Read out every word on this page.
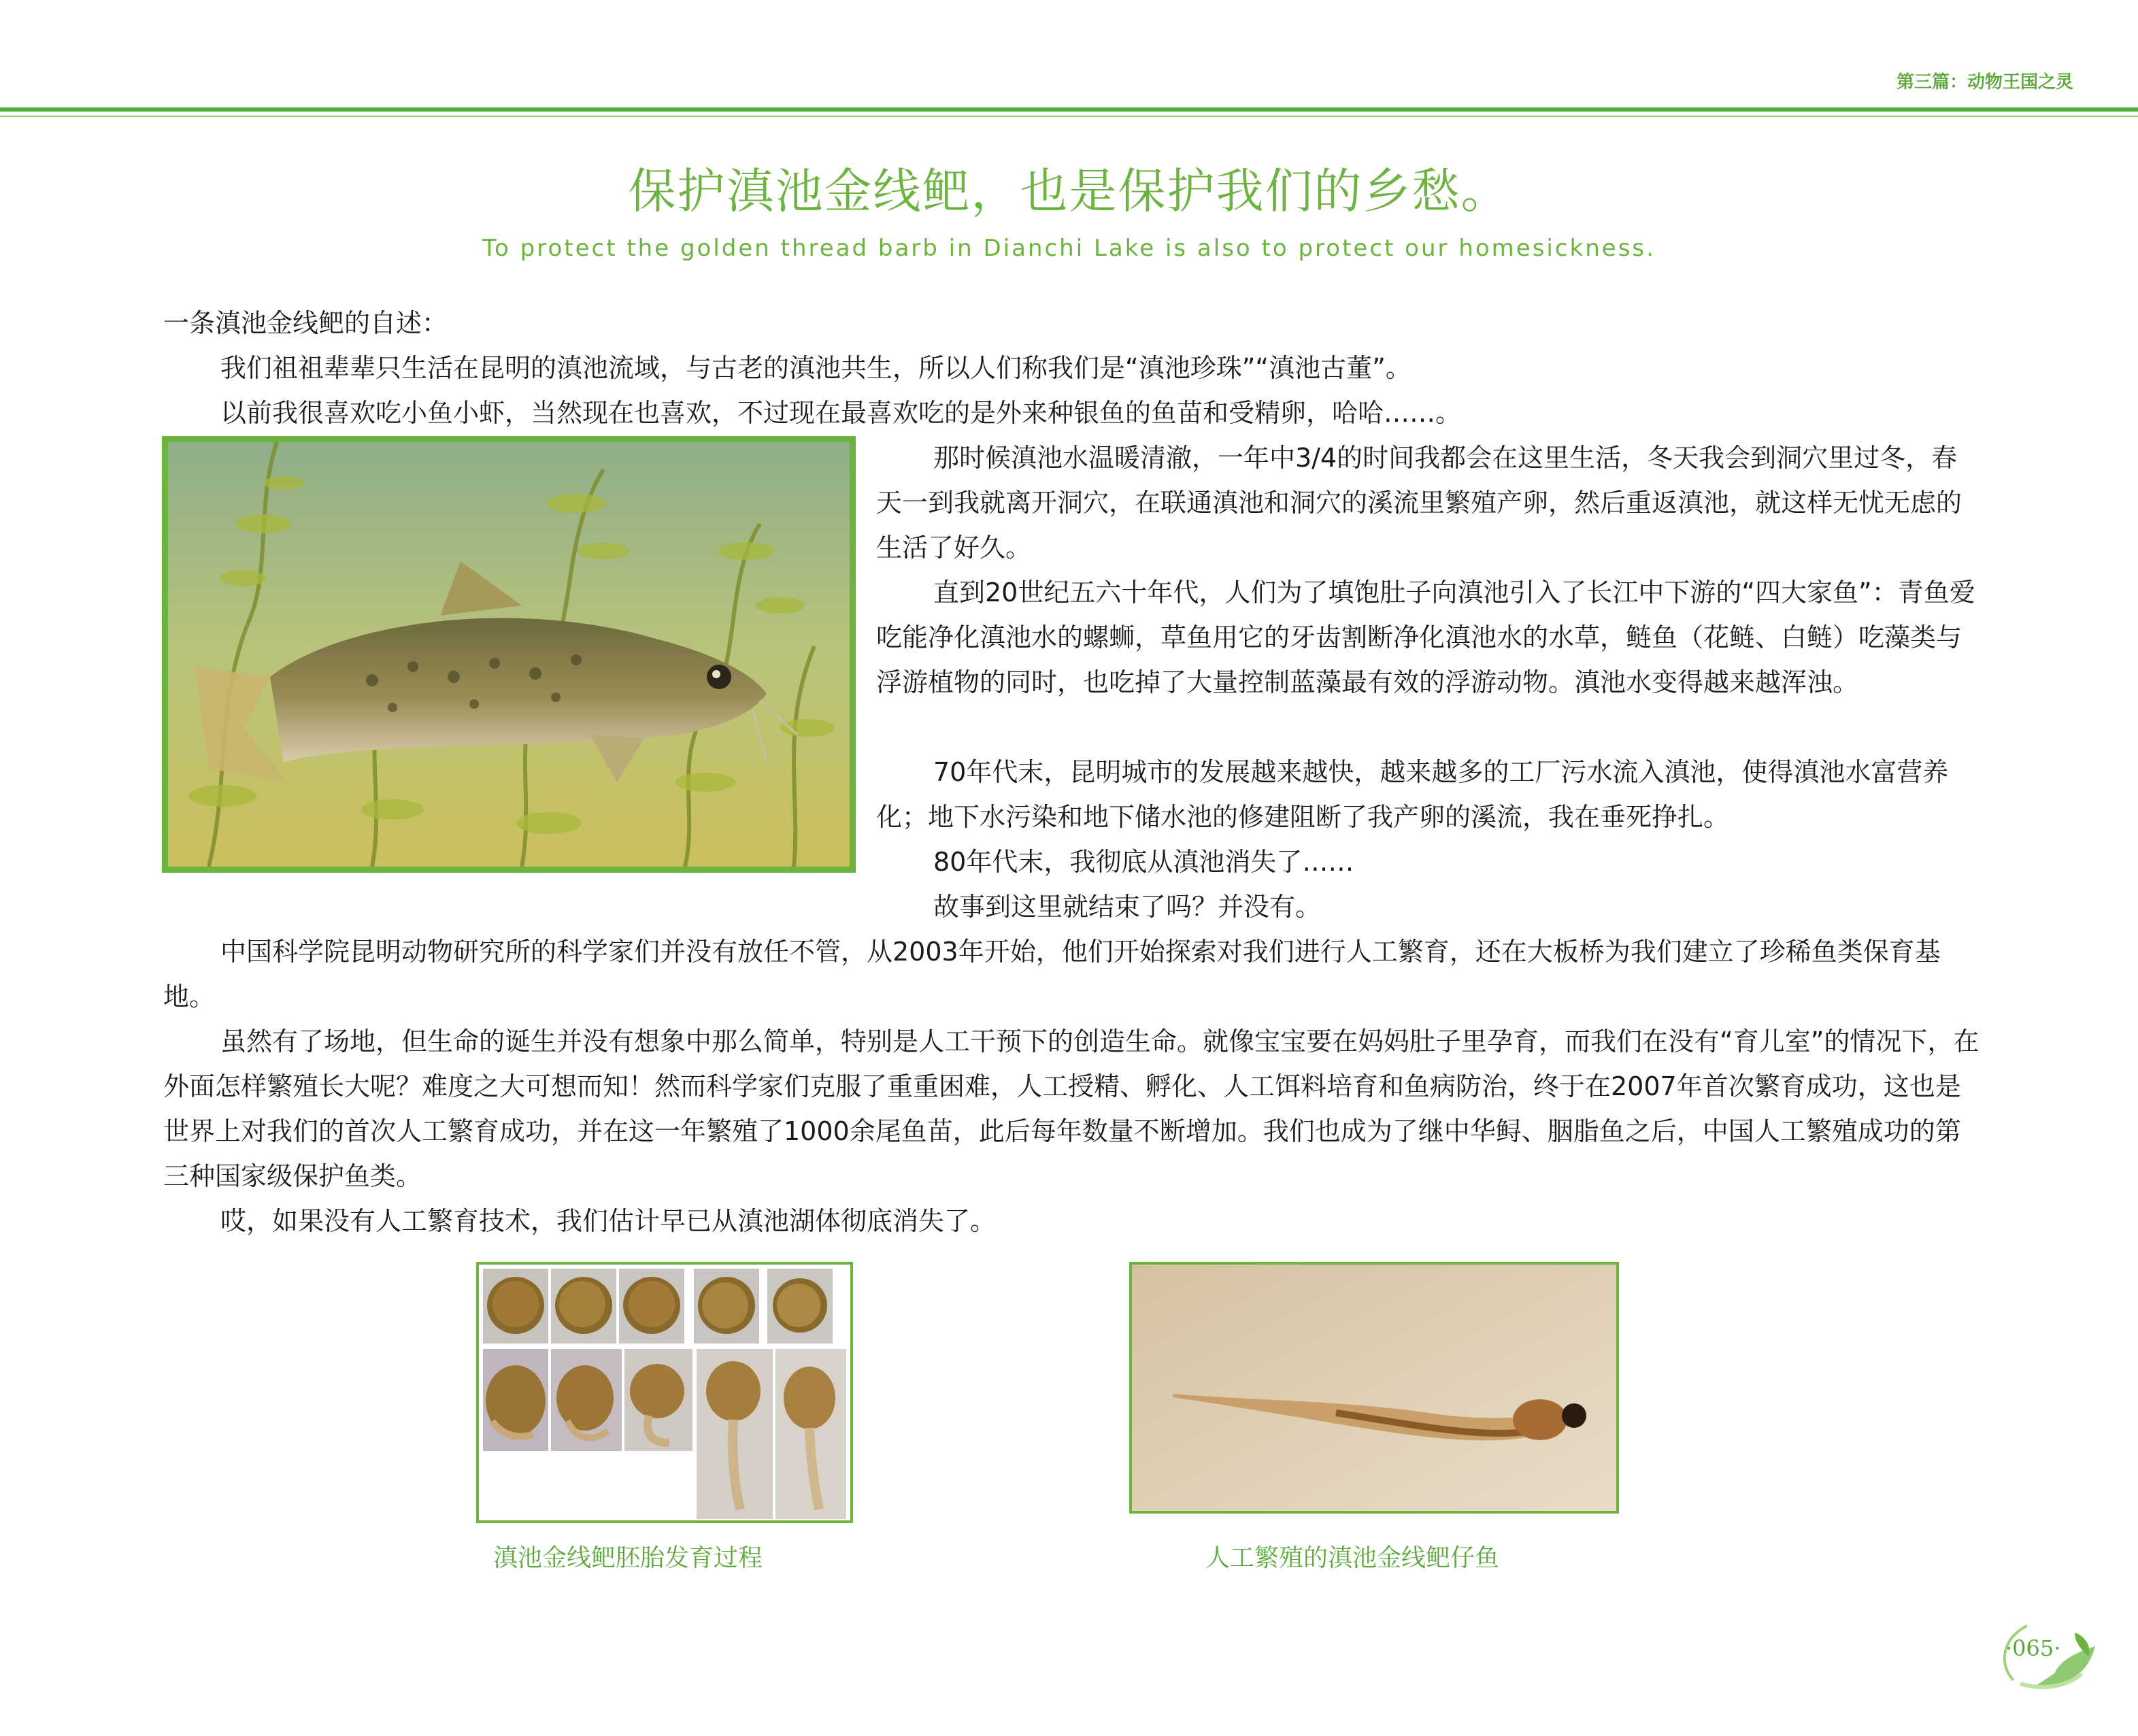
第三篇：动物王国之灵
保护滇池金线鲃，也是保护我们的乡愁。
To protect the golden thread barb in Dianchi Lake is also to protect our homesickness.

一条滇池金线鲃的自述：

我们祖祖辈辈只生活在昆明的滇池流域，与古老的滇池共生，所以人们称我们是“滇池珍珠”“滇池古董”。

以前我很喜欢吃小鱼小虾，当然现在也喜欢，不过现在最喜欢吃的是外来种银鱼的鱼苗和受精卵，哈哈……。

那时候滇池水温暖清澈，一年中3/4的时间我都会在这里生活，冬天我会到洞穴里过冬，春天一到我就离开洞穴，在联通滇池和洞穴的溪流里繁殖产卵，然后重返滇池，就这样无忧无虑的生活了好久。

直到20世纪五六十年代，人们为了填饱肚子向滇池引入了长江中下游的“四大家鱼”：青鱼爱吃能净化滇池水的螺蛳，草鱼用它的牙齿割断净化滇池水的水草，鲢鱼（花鲢、白鲢）吃藻类与浮游植物的同时，也吃掉了大量控制蓝藻最有效的浮游动物。滇池水变得越来越浑浊。

70年代末，昆明城市的发展越来越快，越来越多的工厂污水流入滇池，使得滇池水富营养化；地下水污染和地下储水池的修建阻断了我产卵的溪流，我在垂死挣扎。

80年代末，我彻底从滇池消失了……

故事到这里就结束了吗？并没有。

中国科学院昆明动物研究所的科学家们并没有放任不管，从2003年开始，他们开始探索对我们进行人工繁育，还在大板桥为我们建立了珍稀鱼类保育基地。

虽然有了场地，但生命的诞生并没有想象中那么简单，特别是人工干预下的创造生命。就像宝宝要在妈妈肚子里孕育，而我们在没有“育儿室”的情况下，在外面怎样繁殖长大呢？难度之大可想而知！然而科学家们克服了重重困难，人工授精、孵化、人工饵料培育和鱼病防治，终于在2007年首次繁育成功，这也是世界上对我们的首次人工繁育成功，并在这一年繁殖了1000余尾鱼苗，此后每年数量不断增加。我们也成为了继中华鲟、胭脂鱼之后，中国人工繁殖成功的第三种国家级保护鱼类。

哎，如果没有人工繁育技术，我们估计早已从滇池湖体彻底消失了。

滇池金线鲃胚胎发育过程	人工繁殖的滇池金线鲃仔鱼
·065·
